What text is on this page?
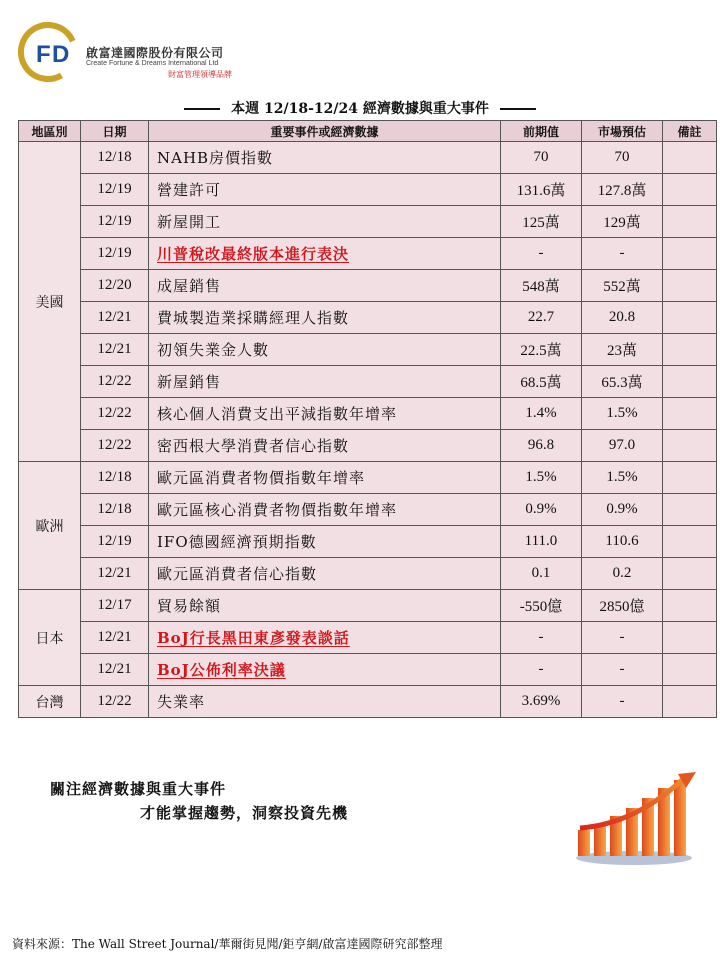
F D 啟富達國際股份有限公司
Create Fortune & Dreams International Ltd
財富管理領導品牌
本週 12/18-12/24 經濟數據與重大事件
地區別	日期	重要事件或經濟數據	前期值	市場預估	備註
美國	12/18	NAHB房價指數	70	70	
	12/19	營建許可	131.6萬	127.8萬	
	12/19	新屋開工	125萬	129萬	
	12/19	川普稅改最終版本進行表決	-	-	
	12/20	成屋銷售	548萬	552萬	
	12/21	費城製造業採購經理人指數	22.7	20.8	
	12/21	初領失業金人數	22.5萬	23萬	
	12/22	新屋銷售	68.5萬	65.3萬	
	12/22	核心個人消費支出平減指數年增率	1.4%	1.5%	
	12/22	密西根大學消費者信心指數	96.8	97.0	
歐洲	12/18	歐元區消費者物價指數年增率	1.5%	1.5%	
	12/18	歐元區核心消費者物價指數年增率	0.9%	0.9%	
	12/19	IFO德國經濟預期指數	111.0	110.6	
	12/21	歐元區消費者信心指數	0.1	0.2	
日本	12/17	貿易餘額	-550億	2850億	
	12/21	BoJ行長黑田東彥發表談話	-	-	
	12/21	BoJ公佈利率決議	-	-	
台灣	12/22	失業率	3.69%	-	
關注經濟數據與重大事件
才能掌握趨勢，洞察投資先機
資料來源：The Wall Street Journal/華爾街見聞/鉅亨網/啟富達國際研究部整理
